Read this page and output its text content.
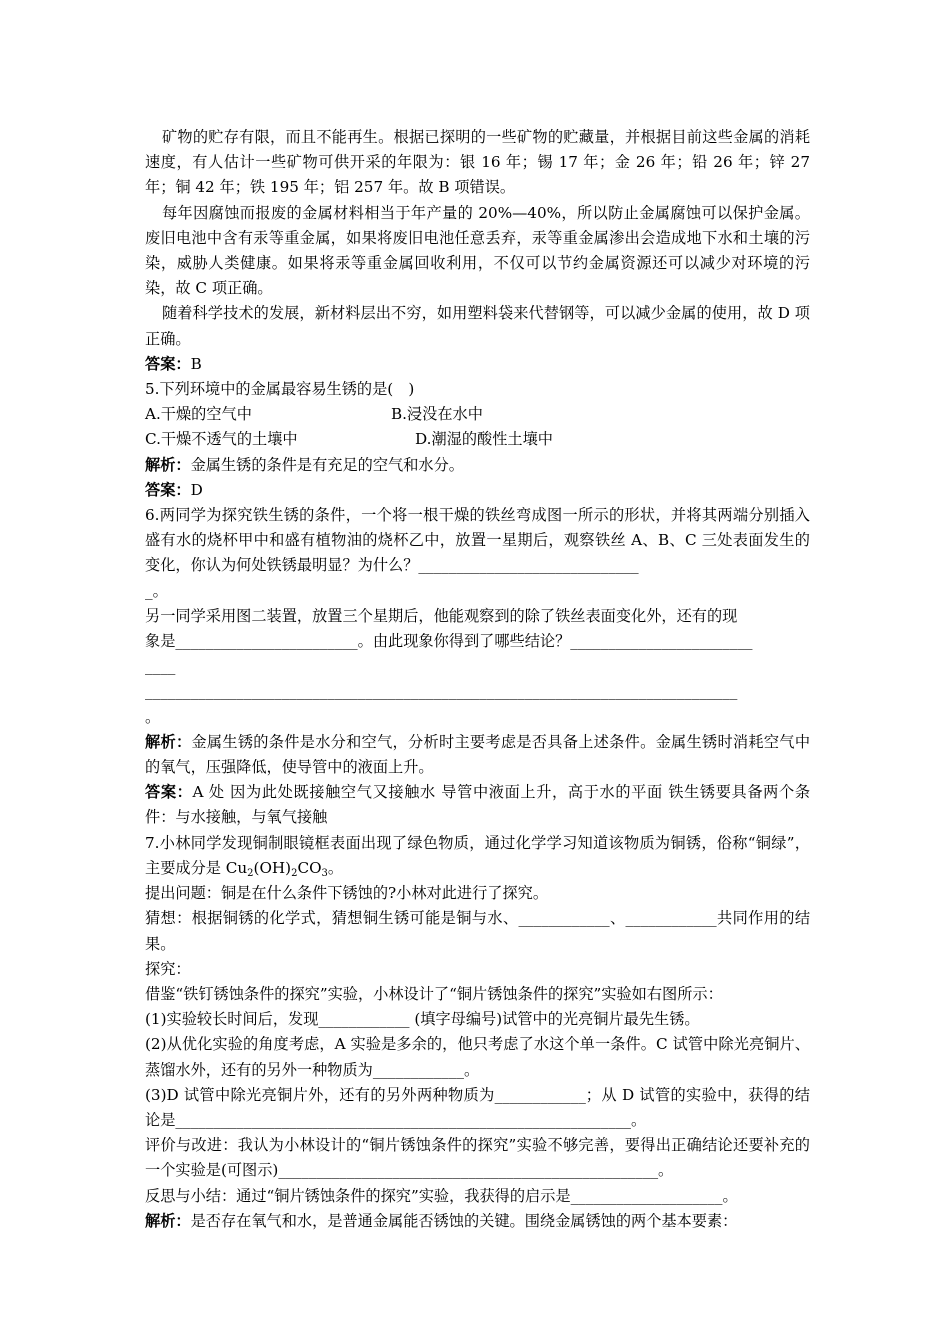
矿物的贮存有限，而且不能再生。根据已探明的一些矿物的贮藏量，并根据目前这些金属的消耗速度，有人估计一些矿物可供开采的年限为：银 16 年；锡 17 年；金 26 年；铅 26 年；锌 27 年；铜 42 年；铁 195 年；铝 257 年。故 B 项错误。

每年因腐蚀而报废的金属材料相当于年产量的 20%—40%，所以防止金属腐蚀可以保护金属。废旧电池中含有汞等重金属，如果将废旧电池任意丢弃，汞等重金属渗出会造成地下水和土壤的污染，威胁人类健康。如果将汞等重金属回收利用，不仅可以节约金属资源还可以减少对环境的污染，故 C 项正确。

随着科学技术的发展，新材料层出不穷，如用塑料袋来代替钢等，可以减少金属的使用，故 D 项正确。

答案：B

5.下列环境中的金属最容易生锈的是(　)

A.干燥的空气中	B.浸没在水中
C.干燥不透气的土壤中	D.潮湿的酸性土壤中

解析：金属生锈的条件是有充足的空气和水分。

答案：D

6.两同学为探究铁生锈的条件，一个将一根干燥的铁丝弯成图一所示的形状，并将其两端分别插入盛有水的烧杯甲中和盛有植物油的烧杯乙中，放置一星期后，观察铁丝 A、B、C 三处表面发生的变化，你认为何处铁锈最明显？为什么？_____________________________

_。

另一同学采用图二装置，放置三个星期后，他能观察到的除了铁丝表面变化外，还有的现

象是________________________。由此现象你得到了哪些结论？________________________

____

______________________________________________________________________________

。

解析：金属生锈的条件是水分和空气，分析时主要考虑是否具备上述条件。金属生锈时消耗空气中的氧气，压强降低，使导管中的液面上升。

答案：A 处 因为此处既接触空气又接触水 导管中液面上升，高于水的平面 铁生锈要具备两个条件：与水接触，与氧气接触

7.小林同学发现铜制眼镜框表面出现了绿色物质，通过化学学习知道该物质为铜锈，俗称“铜绿”，主要成分是 $Cu_2(OH)_2CO_3$。

提出问题：铜是在什么条件下锈蚀的?小林对此进行了探究。

猜想：根据铜锈的化学式，猜想铜生锈可能是铜与水、____________、____________共同作用的结果。

探究：

借鉴“铁钉锈蚀条件的探究”实验，小林设计了“铜片锈蚀条件的探究”实验如右图所示：

(1)实验较长时间后，发现____________ (填字母编号)试管中的光亮铜片最先生锈。

(2)从优化实验的角度考虑，A 实验是多余的，他只考虑了水这个单一条件。C 试管中除光亮铜片、蒸馏水外，还有的另外一种物质为____________。

(3)D 试管中除光亮铜片外，还有的另外两种物质为____________；从 D 试管的实验中，获得的结论是____________________________________________________________。

评价与改进：我认为小林设计的“铜片锈蚀条件的探究”实验不够完善，要得出正确结论还要补充的一个实验是(可图示)__________________________________________________。

反思与小结：通过“铜片锈蚀条件的探究”实验，我获得的启示是____________________。

解析：是否存在氧气和水，是普通金属能否锈蚀的关键。围绕金属锈蚀的两个基本要素：
